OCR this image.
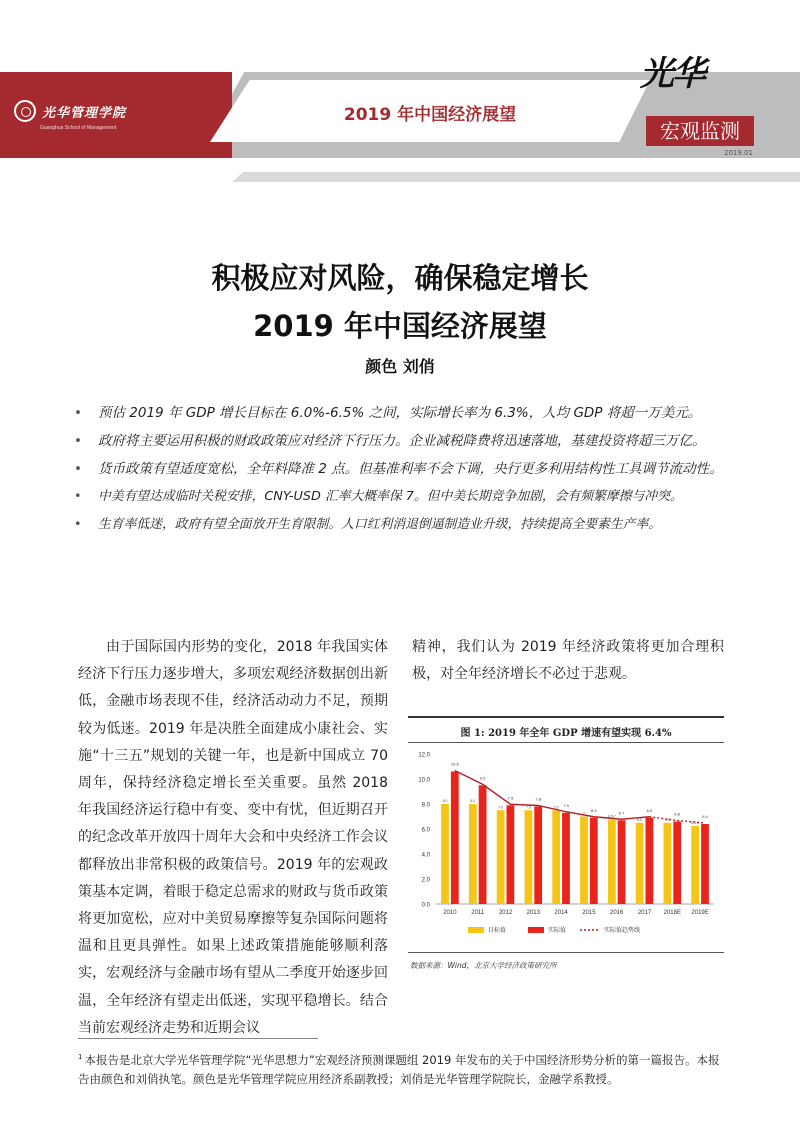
光华管理学院
Guanghua School of Management
2019 年中国经济展望
光华
宏观监测
2019.01
积极应对风险，确保稳定增长
2019 年中国经济展望
颜色 刘俏
• 预估 2019 年 GDP 增长目标在 6.0%-6.5% 之间，实际增长率为 6.3%，人均 GDP 将超一万美元。
• 政府将主要运用积极的财政政策应对经济下行压力。企业减税降费将迅速落地，基建投资将超三万亿。
• 货币政策有望适度宽松，全年料降准 2 点。但基准利率不会下调，央行更多利用结构性工具调节流动性。
• 中美有望达成临时关税安排，CNY-USD 汇率大概率保 7。但中美长期竞争加剧，会有频繁摩擦与冲突。
• 生育率低迷，政府有望全面放开生育限制。人口红利消退倒逼制造业升级，持续提高全要素生产率。

由于国际国内形势的变化，2018 年我国实体经济下行压力逐步增大，多项宏观经济数据创出新低，金融市场表现不佳，经济活动动力不足，预期较为低迷。2019 年是决胜全面建成小康社会、实施“十三五”规划的关键一年，也是新中国成立 70 周年，保持经济稳定增长至关重要。虽然 2018 年我国经济运行稳中有变、变中有忧，但近期召开的纪念改革开放四十周年大会和中央经济工作会议都释放出非常积极的政策信号。2019 年的宏观政策基本定调，着眼于稳定总需求的财政与货币政策将更加宽松，应对中美贸易摩擦等复杂国际问题将温和且更具弹性。如果上述政策措施能够顺利落实，宏观经济与金融市场有望从二季度开始逐步回温，全年经济有望走出低迷，实现平稳增长。结合当前宏观经济走势和近期会议

精神，我们认为 2019 年经济政策将更加合理积极，对全年经济增长不必过于悲观。

图 1: 2019 年全年 GDP 增速有望实现 6.4%
0.0
2.0
4.0
6.0
8.0
10.0
12.0
8.0
10.6
2010
8.0
9.5
2011
7.5
7.9
2012
7.5
7.8
2013
7.5 7.3
2014
7
6.9
2015
6.5-7
6.7
2016
6.5
6.9
2017
6.5
6.6
2018E
6-6.5
6.4
2019E
目标值	实际值	实际值趋势线
数据来源：Wind，北京大学经济政策研究所

$^1$ 本报告是北京大学光华管理学院“光华思想力”宏观经济预测课题组 2019 年发布的关于中国经济形势分析的第一篇报告。本报告由颜色和刘俏执笔。颜色是光华管理学院应用经济系副教授；刘俏是光华管理学院院长，金融学系教授。
